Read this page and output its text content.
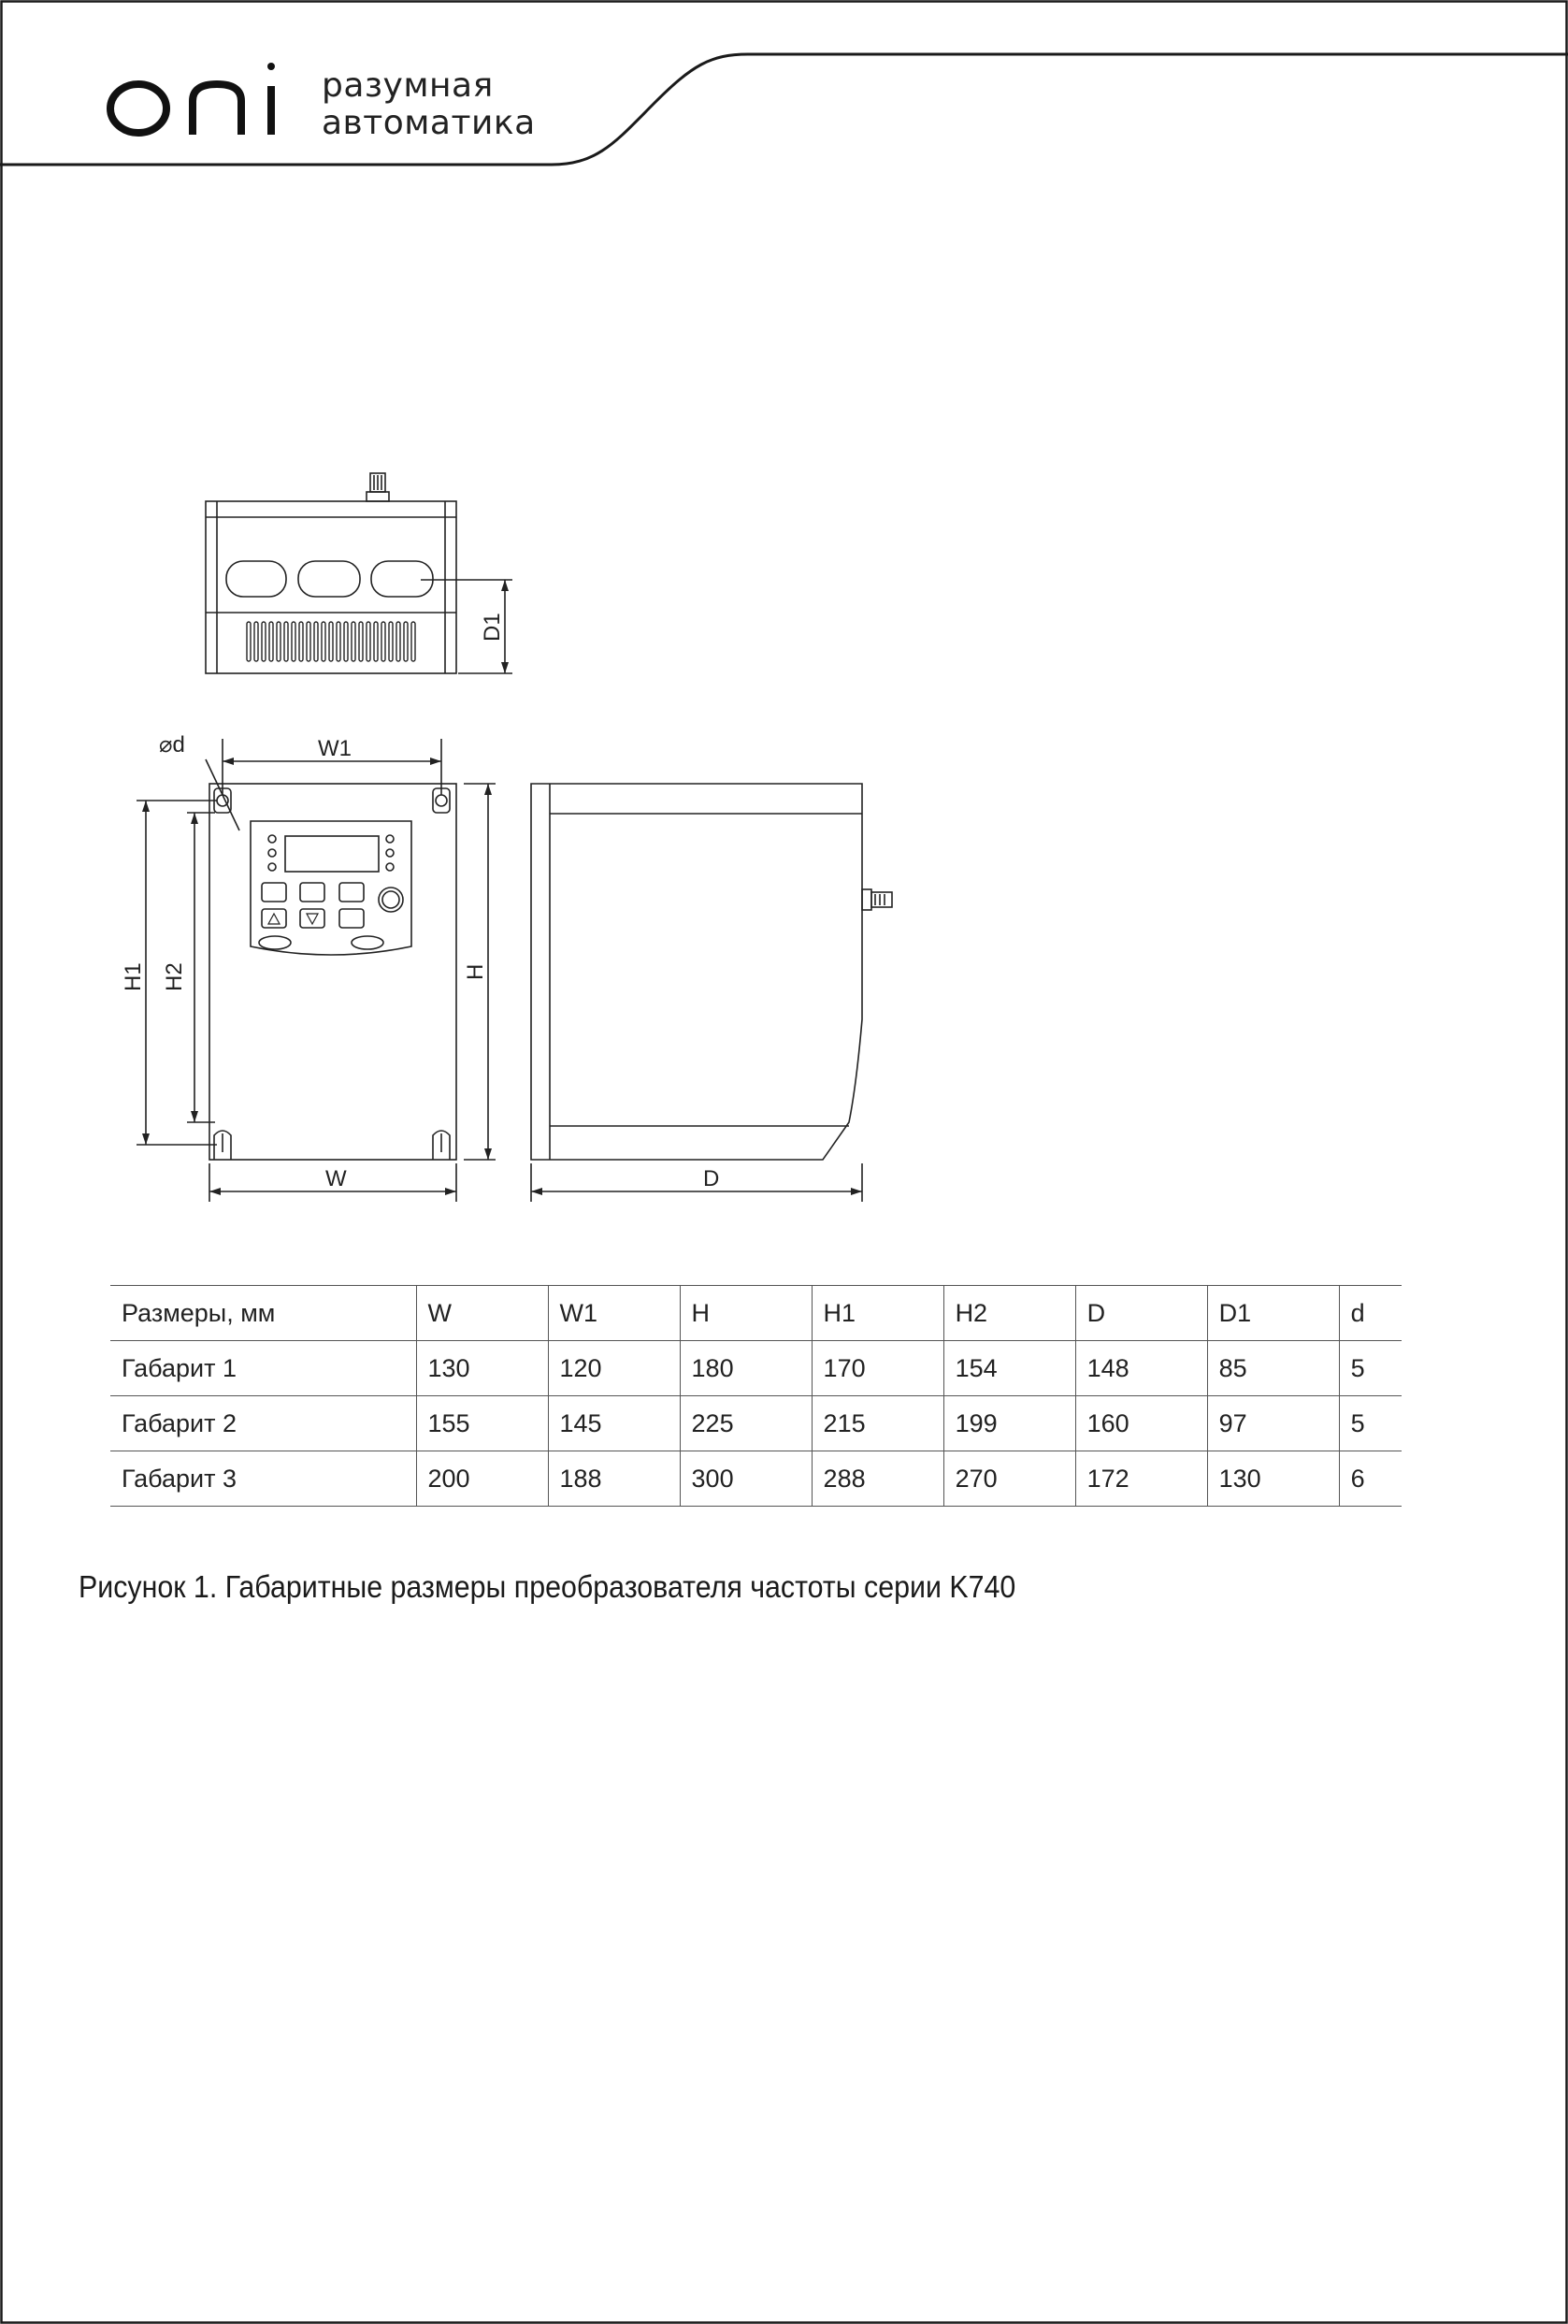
разумная
автоматика
D1
⌀d	W1
H1 H2	H
W	D
Размеры, мм	W	W1	H	H1	H2	D	D1	d
Габарит 1	130	120	180	170	154	148	85	5
Габарит 2	155	145	225	215	199	160	97	5
Габарит 3	200	188	300	288	270	172	130	6
Рисунок 1. Габаритные размеры преобразователя частоты серии K740
